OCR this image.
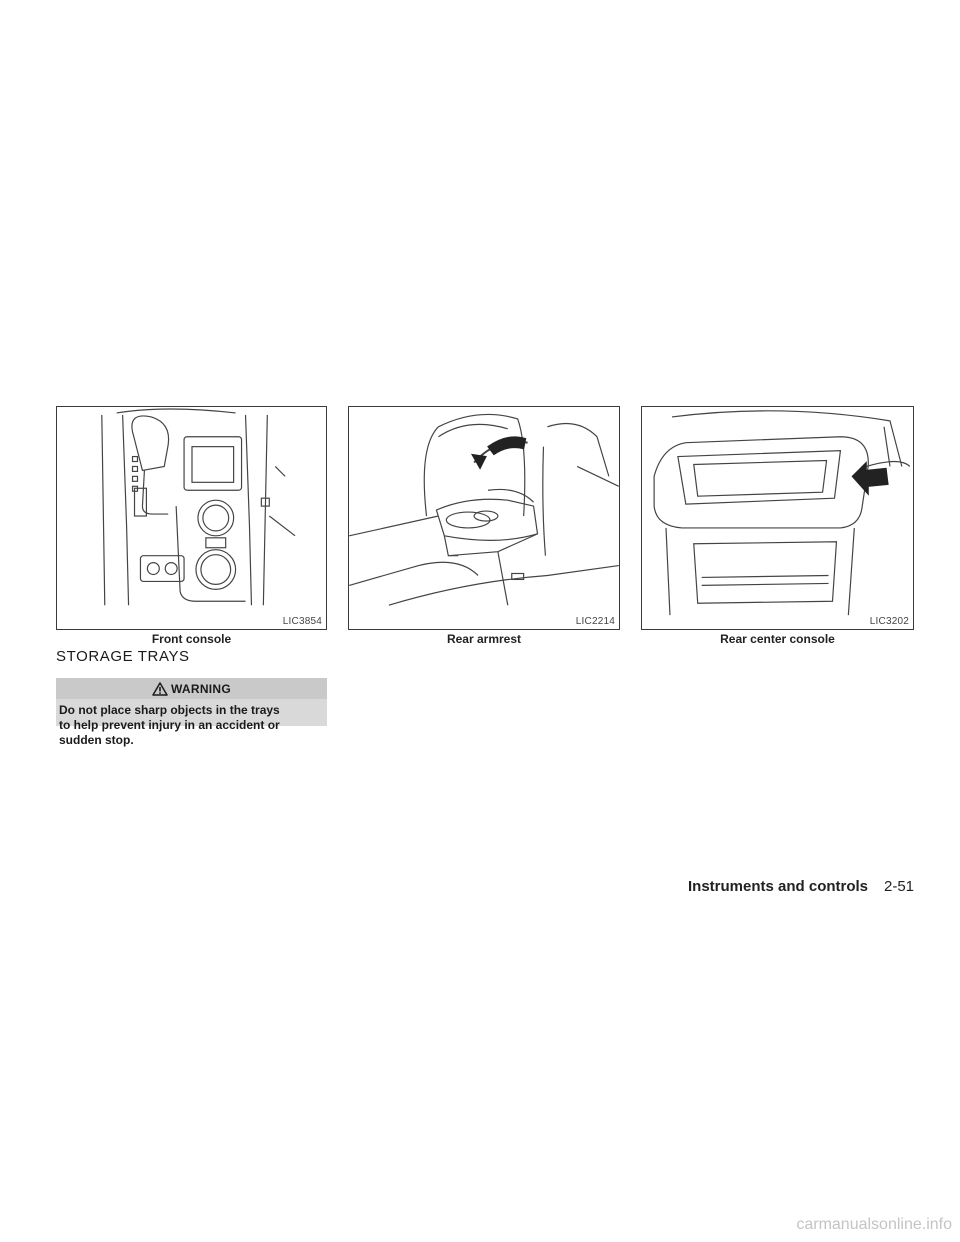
LIC3854
Front console
LIC2214
Rear armrest
LIC3202
Rear center console
STORAGE TRAYS
WARNING
Do not place sharp objects in the trays
to help prevent injury in an accident or
sudden stop.
Instruments and controls 2-51
carmanualsonline.info
